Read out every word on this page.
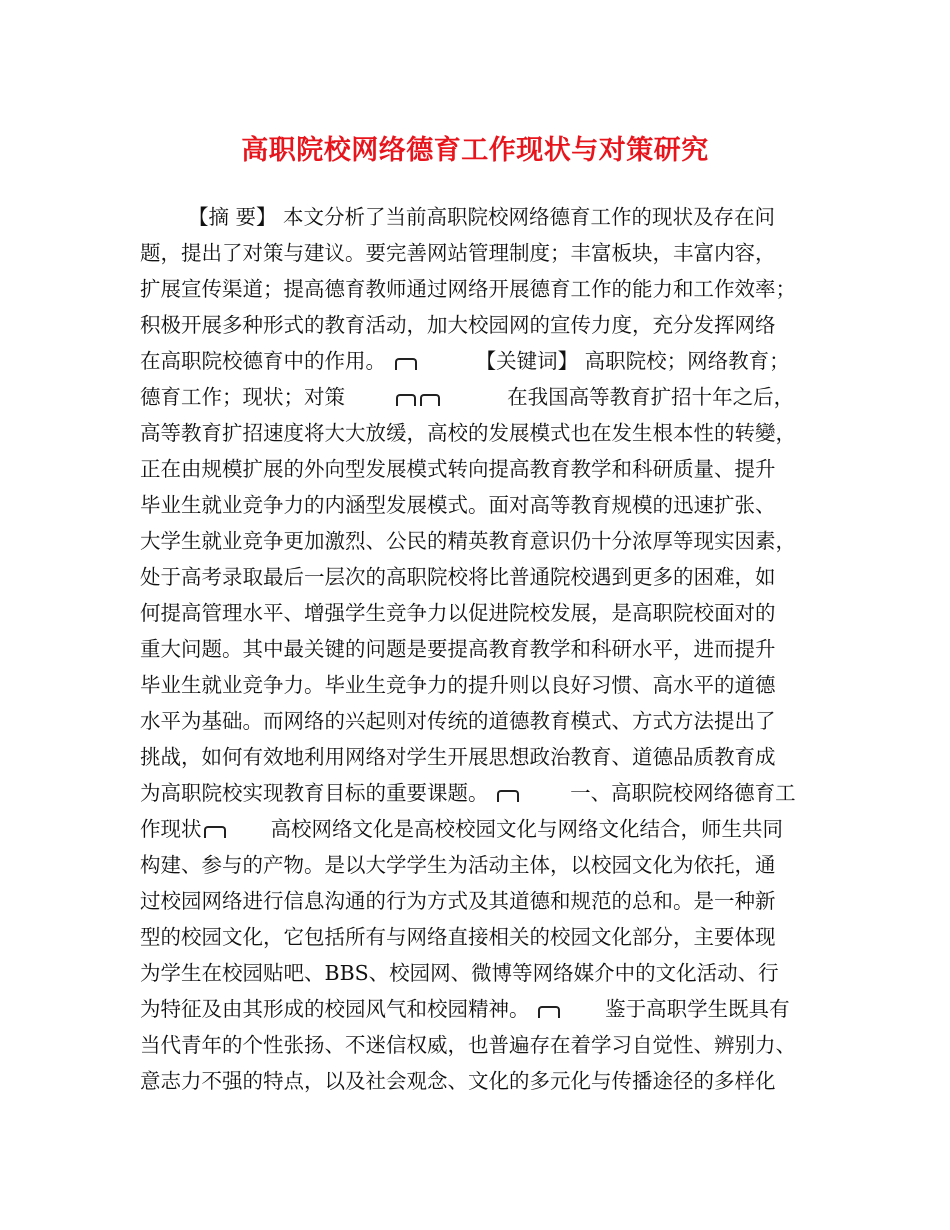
高职院校网络德育工作现状与对策研究
【摘 要】 本文分析了当前高职院校网络德育工作的现状及存在问
题，提出了对策与建议。要完善网站管理制度；丰富板块，丰富内容，
扩展宣传渠道；提高德育教师通过网络开展德育工作的能力和工作效率；
积极开展多种形式的教育活动，加大校园网的宣传力度，充分发挥网络
在高职院校德育中的作用。	【关键词】 高职院校；网络教育；
德育工作；现状；对策	在我国高等教育扩招十年之后，
高等教育扩招速度将大大放缓，高校的发展模式也在发生根本性的转變，
正在由规模扩展的外向型发展模式转向提高教育教学和科研质量、提升
毕业生就业竞争力的内涵型发展模式。面对高等教育规模的迅速扩张、
大学生就业竞争更加激烈、公民的精英教育意识仍十分浓厚等现实因素，
处于高考录取最后一层次的高职院校将比普通院校遇到更多的困难，如
何提高管理水平、增强学生竞争力以促进院校发展，是高职院校面对的
重大问题。其中最关键的问题是要提高教育教学和科研水平，进而提升
毕业生就业竞争力。毕业生竞争力的提升则以良好习惯、高水平的道德
水平为基础。而网络的兴起则对传统的道德教育模式、方式方法提出了
挑战，如何有效地利用网络对学生开展思想政治教育、道德品质教育成
为高职院校实现教育目标的重要课题。	一、高职院校网络德育工
作现状	高校网络文化是高校校园文化与网络文化结合，师生共同
构建、参与的产物。是以大学学生为活动主体，以校园文化为依托，通
过校园网络进行信息沟通的行为方式及其道德和规范的总和。是一种新
型的校园文化，它包括所有与网络直接相关的校园文化部分，主要体现
为学生在校园贴吧、BBS、校园网、微博等网络媒介中的文化活动、行
为特征及由其形成的校园风气和校园精神。	鉴于高职学生既具有
当代青年的个性张扬、不迷信权威，也普遍存在着学习自觉性、辨别力、
意志力不强的特点，以及社会观念、文化的多元化与传播途径的多样化
